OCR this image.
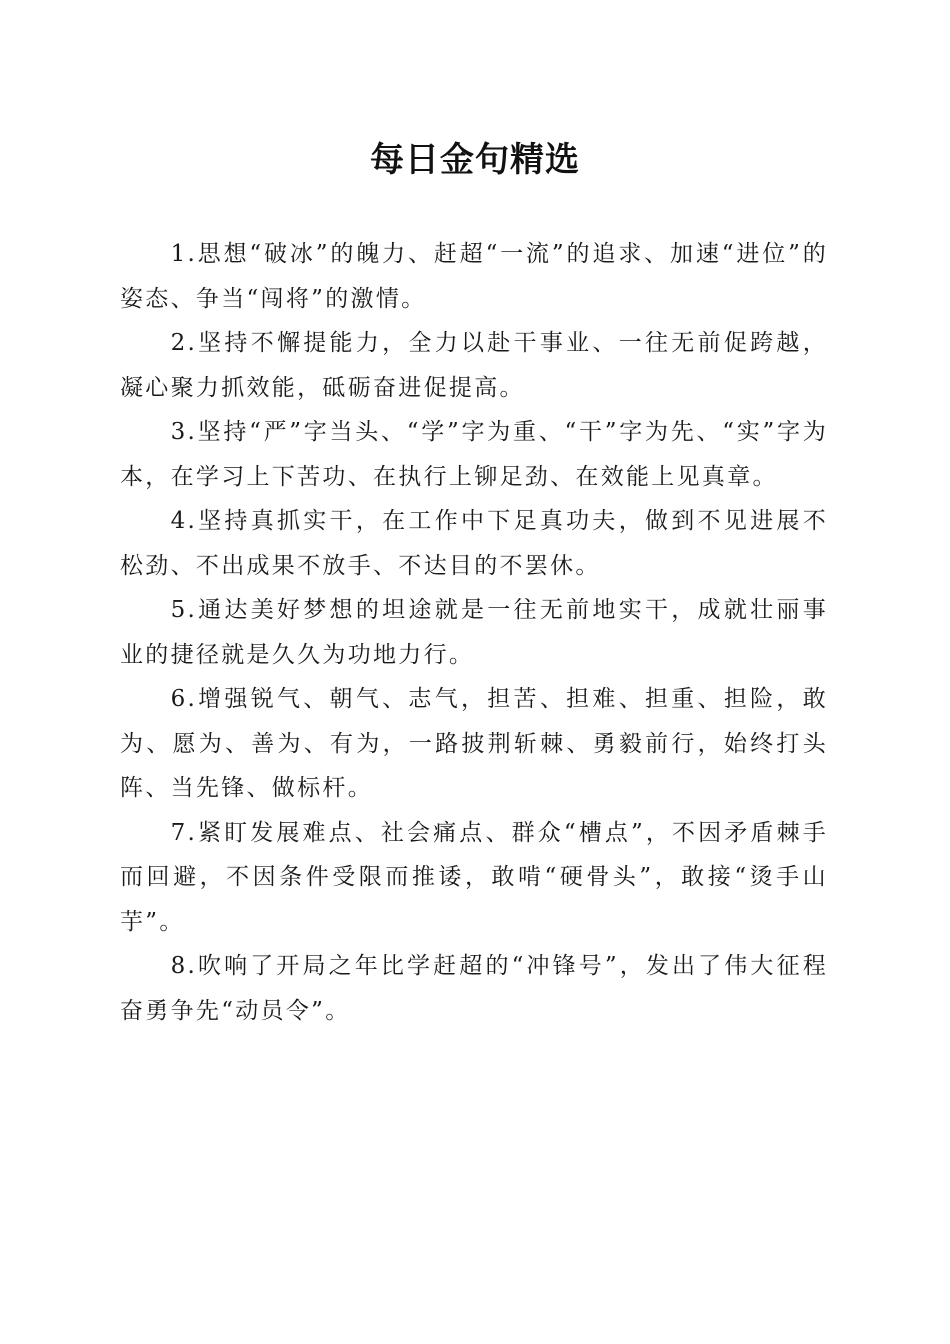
每日金句精选

1.思想“破冰”的魄力、赶超“一流”的追求、加速“进位”的姿态、争当“闯将”的激情。

2.坚持不懈提能力，全力以赴干事业、一往无前促跨越，凝心聚力抓效能，砥砺奋进促提高。

3.坚持“严”字当头、“学”字为重、“干”字为先、“实”字为本，在学习上下苦功、在执行上铆足劲、在效能上见真章。

4.坚持真抓实干，在工作中下足真功夫，做到不见进展不松劲、不出成果不放手、不达目的不罢休。

5.通达美好梦想的坦途就是一往无前地实干，成就壮丽事业的捷径就是久久为功地力行。

6.增强锐气、朝气、志气，担苦、担难、担重、担险，敢为、愿为、善为、有为，一路披荆斩棘、勇毅前行，始终打头阵、当先锋、做标杆。

7.紧盯发展难点、社会痛点、群众“槽点”，不因矛盾棘手而回避，不因条件受限而推诿，敢啃“硬骨头”，敢接“烫手山芋”。

8.吹响了开局之年比学赶超的“冲锋号”，发出了伟大征程奋勇争先“动员令”。
